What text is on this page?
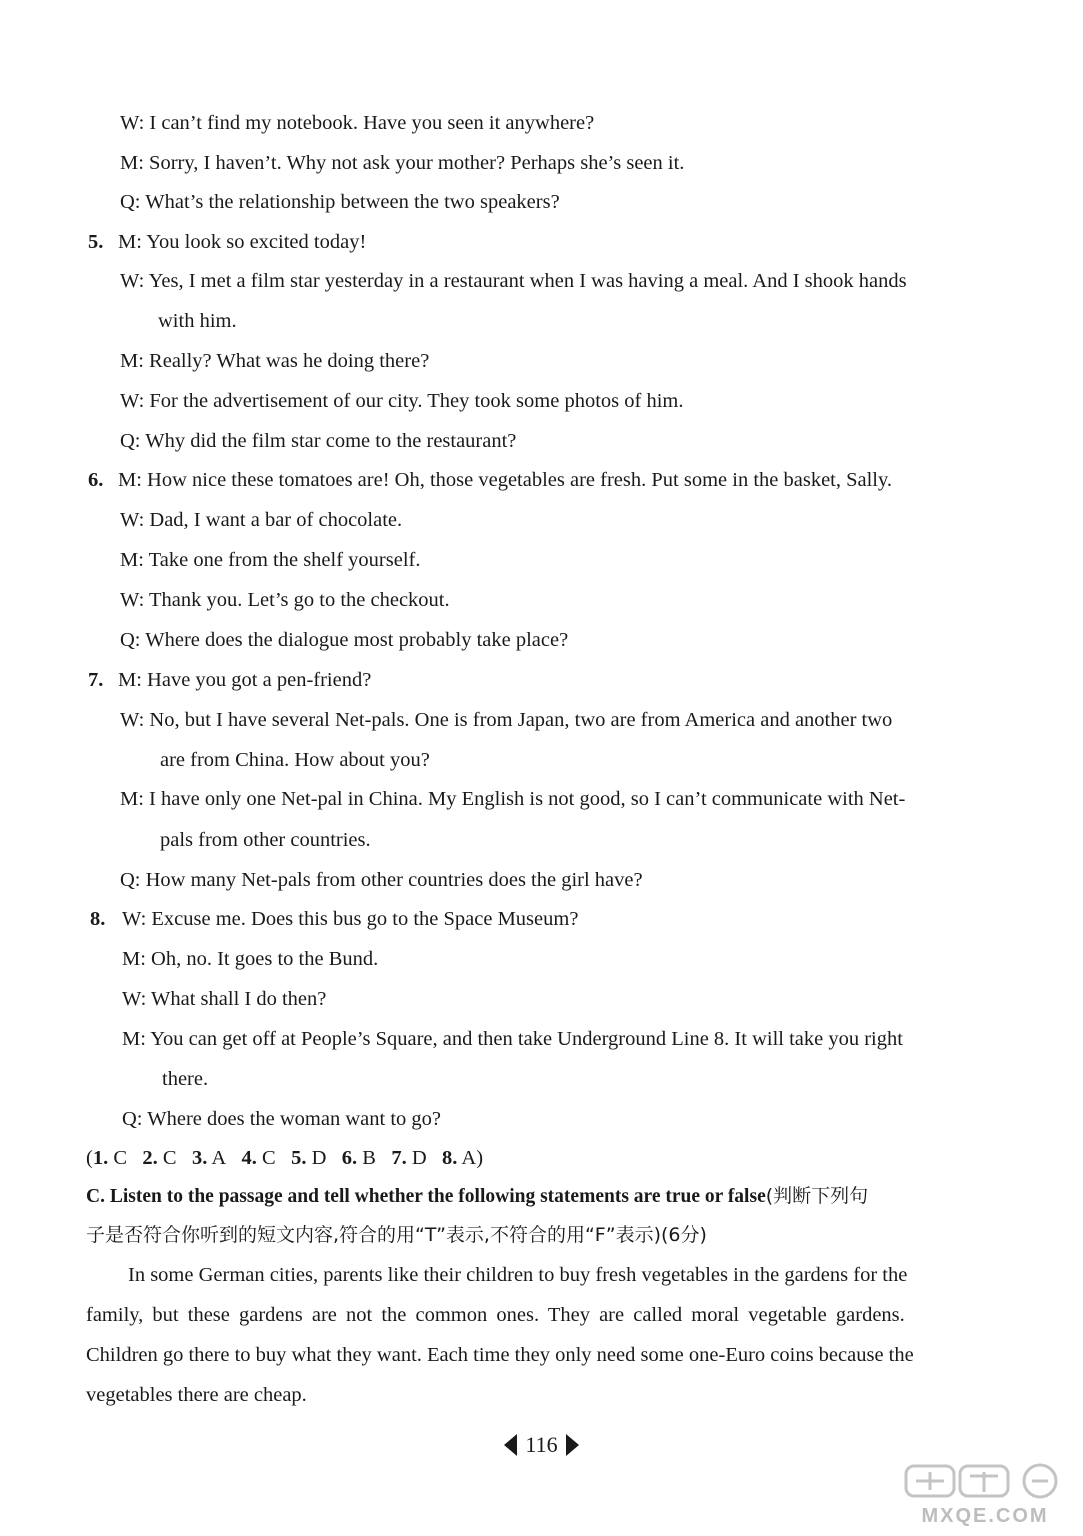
W: I can’t find my notebook. Have you seen it anywhere?
M: Sorry, I haven’t. Why not ask your mother? Perhaps she’s seen it.
Q: What’s the relationship between the two speakers?
5. M: You look so excited today!
W: Yes, I met a film star yesterday in a restaurant when I was having a meal. And I shook hands
with him.
M: Really? What was he doing there?
W: For the advertisement of our city. They took some photos of him.
Q: Why did the film star come to the restaurant?
6. M: How nice these tomatoes are! Oh, those vegetables are fresh. Put some in the basket, Sally.
W: Dad, I want a bar of chocolate.
M: Take one from the shelf yourself.
W: Thank you. Let’s go to the checkout.
Q: Where does the dialogue most probably take place?
7. M: Have you got a pen-friend?
W: No, but I have several Net-pals. One is from Japan, two are from America and another two
are from China. How about you?
M: I have only one Net-pal in China. My English is not good, so I can’t communicate with Net-
pals from other countries.
Q: How many Net-pals from other countries does the girl have?
8. W: Excuse me. Does this bus go to the Space Museum?
M: Oh, no. It goes to the Bund.
W: What shall I do then?
M: You can get off at People’s Square, and then take Underground Line 8. It will take you right
there.
Q: Where does the woman want to go?
(1. C 2. C 3. A 4. C 5. D 6. B 7. D 8. A)
C. Listen to the passage and tell whether the following statements are true or false(判断下列句
子是否符合你听到的短文内容,符合的用“T”表示,不符合的用“F”表示)(6分)
In some German cities, parents like their children to buy fresh vegetables in the gardens for the
family, but these gardens are not the common ones. They are called moral vegetable gardens.
Children go there to buy what they want. Each time they only need some one-Euro coins because the
vegetables there are cheap.
116
MXQE.COM
